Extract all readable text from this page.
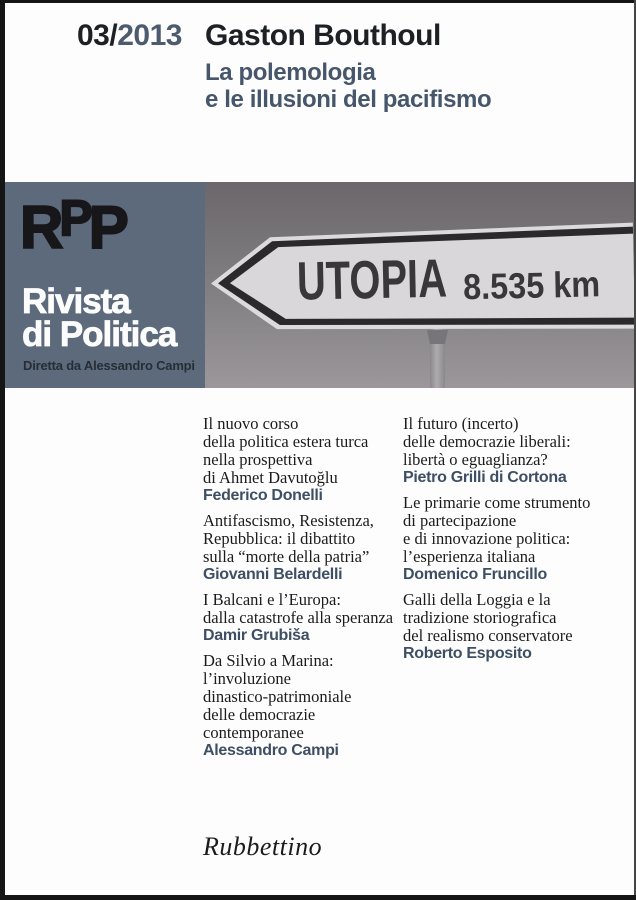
03/2013 Gaston Bouthoul
La polemologia
e le illusioni del pacifismo
RPP
Rivista
di Politica
Diretta da Alessandro Campi
UTOPIA
8.535 km
Il nuovo corso
della politica estera turca
nella prospettiva
di Ahmet Davutoğlu
Federico Donelli
Antifascismo, Resistenza,
Repubblica: il dibattito
sulla “morte della patria”
Giovanni Belardelli
I Balcani e l’Europa:
dalla catastrofe alla speranza
Damir Grubiša
Da Silvio a Marina:
l’involuzione
dinastico-patrimoniale
delle democrazie
contemporanee
Alessandro Campi
Il futuro (incerto)
delle democrazie liberali:
libertà o eguaglianza?
Pietro Grilli di Cortona
Le primarie come strumento
di partecipazione
e di innovazione politica:
l’esperienza italiana
Domenico Fruncillo
Galli della Loggia e la
tradizione storiografica
del realismo conservatore
Roberto Esposito
Rubbettino
